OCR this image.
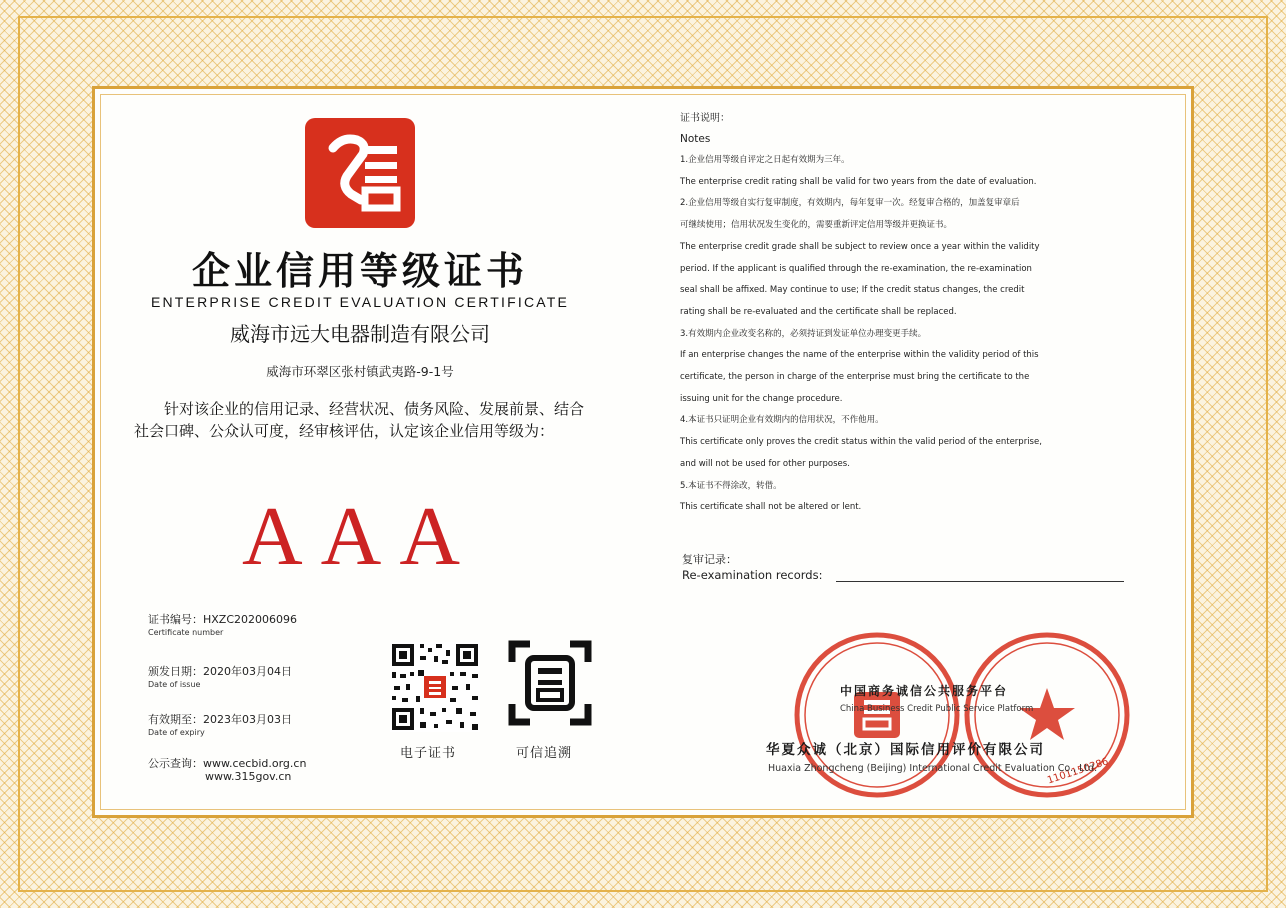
企业信用等级证书
ENTERPRISE CREDIT EVALUATION CERTIFICATE
威海市远大电器制造有限公司
威海市环翠区张村镇武夷路-9-1号
针对该企业的信用记录、经营状况、债务风险、发展前景、结合社会口碑、公众认可度，经审核评估，认定该企业信用等级为：
AAA
证书编号：HXZC202006096
Certificate number
颁发日期：2020年03月04日
Date of issue
有效期至：2023年03月03日
Date of expiry
公示查询：www.cecbid.org.cn
www.315gov.cn
电子证书	可信追溯
证书说明：
Notes
1.企业信用等级自评定之日起有效期为三年。
The enterprise credit rating shall be valid for two years from the date of evaluation.
2.企业信用等级自实行复审制度，有效期内，每年复审一次。经复审合格的，加盖复审章后
可继续使用；信用状况发生变化的，需要重新评定信用等级并更换证书。
The enterprise credit grade shall be subject to review once a year within the validity
period. If the applicant is qualified through the re-examination, the re-examination
seal shall be affixed. May continue to use; If the credit status changes, the credit
rating shall be re-evaluated and the certificate shall be replaced.
3.有效期内企业改变名称的，必须持证到发证单位办理变更手续。
If an enterprise changes the name of the enterprise within the validity period of this
certificate, the person in charge of the enterprise must bring the certificate to the
issuing unit for the change procedure.
4.本证书只证明企业有效期内的信用状况，不作他用。
This certificate only proves the credit status within the valid period of the enterprise,
and will not be used for other purposes.
5.本证书不得涂改，转借。
This certificate shall not be altered or lent.
复审记录：
Re-examination records:
1101150286
中国商务诚信公共服务平台
China Business Credit Public Service Platform
华夏众诚（北京）国际信用评价有限公司
Huaxia Zhongcheng (Beijing) International Credit Evaluation Co., Ltd.
